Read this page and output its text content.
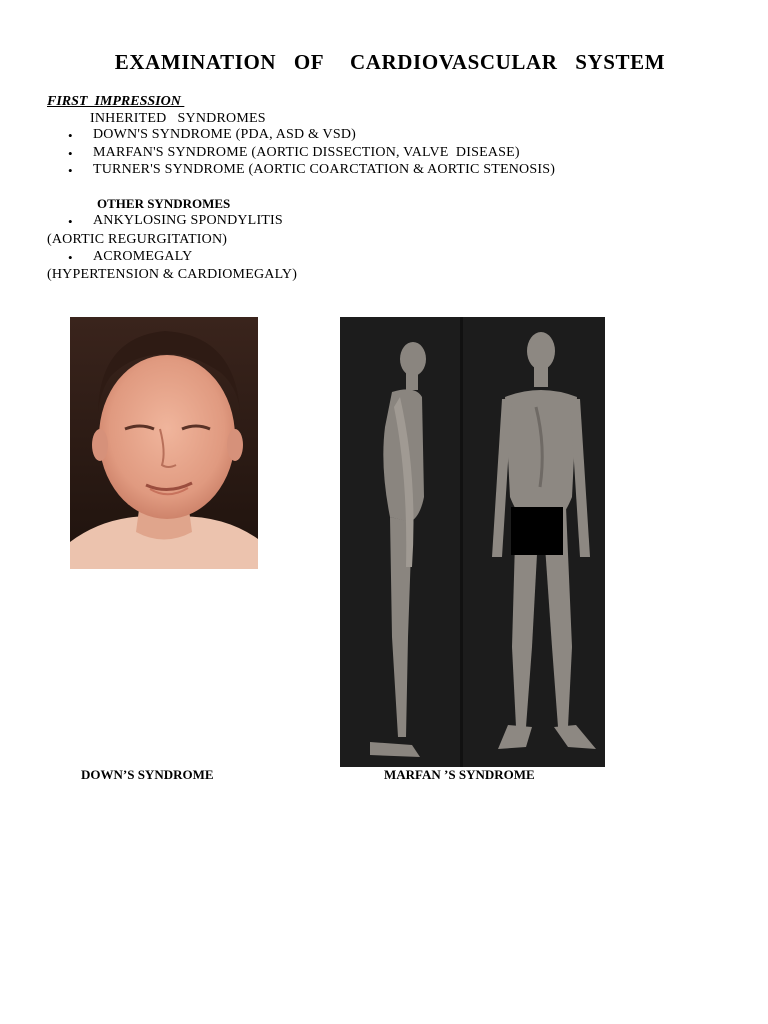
EXAMINATION  OF   CARDIOVASCULAR  SYSTEM
FIRST  IMPRESSION
INHERITED   SYNDROMES
• DOWN'S SYNDROME (PDA, ASD & VSD)
• MARFAN'S SYNDROME (AORTIC DISSECTION, VALVE  DISEASE)
• TURNER'S SYNDROME (AORTIC COARCTATION & AORTIC STENOSIS)
OTHER SYNDROMES
• ANKYLOSING SPONDYLITIS
(AORTIC REGURGITATION)
• ACROMEGALY
(HYPERTENSION & CARDIOMEGALY)
DOWN’S SYNDROME	MARFAN ’S SYNDROME
